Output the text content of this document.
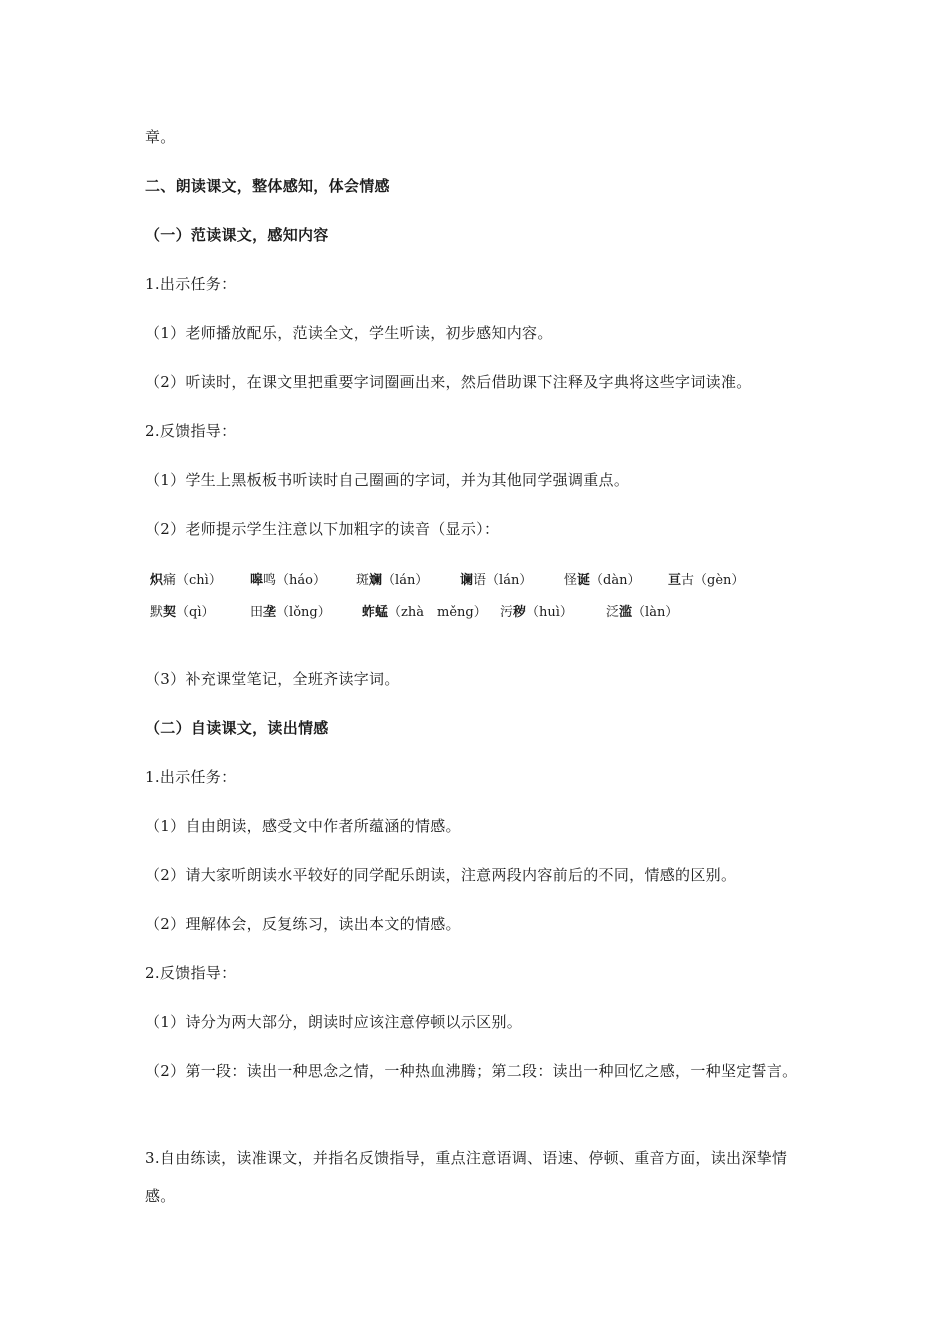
章。
二、朗读课文，整体感知，体会情感
（一）范读课文，感知内容
1.出示任务：
（1）老师播放配乐，范读全文，学生听读，初步感知内容。
（2）听读时，在课文里把重要字词圈画出来，然后借助课下注释及字典将这些字词读准。
2.反馈指导：
（1）学生上黑板板书听读时自己圈画的字词，并为其他同学强调重点。
（2）老师提示学生注意以下加粗字的读音（显示）：
炽痛（chì） 嗥鸣（háo） 斑斓（lán） 谰语（lán） 怪诞（dàn） 亘古（gèn）
默契（qì）	田垄（lǒng） 蚱蜢（zhà　měng） 污秽（huì）	泛滥（làn）
（3）补充课堂笔记，全班齐读字词。
（二）自读课文，读出情感
1.出示任务：
（1）自由朗读，感受文中作者所蕴涵的情感。
（2）请大家听朗读水平较好的同学配乐朗读，注意两段内容前后的不同，情感的区别。
（2）理解体会，反复练习，读出本文的情感。
2.反馈指导：
（1）诗分为两大部分，朗读时应该注意停顿以示区别。
（2）第一段：读出一种思念之情，一种热血沸腾；第二段：读出一种回忆之感，一种坚定誓言。
3.自由练读，读准课文，并指名反馈指导，重点注意语调、语速、停顿、重音方面，读出深挚情感。
